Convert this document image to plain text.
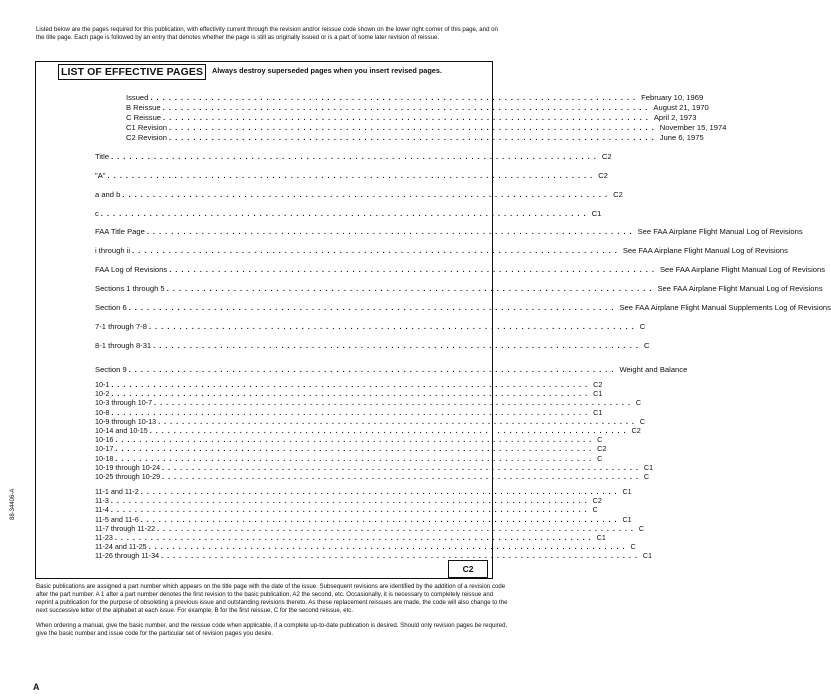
Listed below are the pages required for this publication, with effectivity current through the revision and/or reissue code shown on the lower right corner of this page, and on the title page. Each page is followed by an entry that denotes whether the page is still as originally issued or is a part of some later revision of reissue.

LIST OF EFFECTIVE PAGES	Always destroy superseded pages when you insert revised pages.
Issued ................................................................................ February 10, 1969
B Reissue ................................................................................ August 21, 1970
C Reissue ................................................................................ April 2, 1973
C1 Revision ................................................................................ November 15, 1974
C2 Revision ................................................................................ June 6, 1975
Title ................................................................................ C2
"A" ................................................................................ C2
a and b ................................................................................ C2
c ................................................................................ C1
FAA Title Page ................................................................................ See FAA Airplane Flight Manual Log of Revisions
i through ii ................................................................................ See FAA Airplane Flight Manual Log of Revisions
FAA Log of Revisions ................................................................................ See FAA Airplane Flight Manual Log of Revisions
Sections 1 through 5 ................................................................................ See FAA Airplane Flight Manual Log of Revisions
Section 6 ................................................................................ See FAA Airplane Flight Manual Supplements Log of Revisions
7-1 through 7-8 ................................................................................ C
8-1 through 8-31 ................................................................................ C
Section 9 ................................................................................ Weight and Balance
10-1 ................................................................................ C2
10-2 ................................................................................ C1
10-3 through 10-7 ................................................................................ C
10-8 ................................................................................ C1
10-9 through 10-13 ................................................................................ C
10-14 and 10-15 ................................................................................ C2
10-16 ................................................................................ C
10-17 ................................................................................ C2
10-18 ................................................................................ C
10-19 through 10-24 ................................................................................ C1
10-25 through 10-29 ................................................................................ C
11-1 and 11-2 ................................................................................ C1
11-3 ................................................................................ C2
11-4 ................................................................................ C
11-5 and 11-6 ................................................................................ C1
11-7 through 11-22 ................................................................................ C
11-23 ................................................................................ C1
11-24 and 11-25 ................................................................................ C
11-26 through 11-34 ................................................................................ C1
C2
88-34406-A

Basic publications are assigned a part number which appears on the title page with the date of the issue. Subsequent revisions are identified by the addition of a revision code after the part number. A 1 after a part number denotes the first revision to the basic publication, A2 the second, etc. Occasionally, it is necessary to completely reissue and reprint a publication for the purpose of obsoleting a previous issue and outstanding revisions thereto. As these replacement reissues are made, the code will also change to the next successive letter of the alphabet at each issue. For example, B for the first reissue, C for the second reissue, etc.

When ordering a manual, give the basic number, and the reissue code when applicable, if a complete up-to-date publication is desired. Should only revision pages be required, give the basic number and issue code for the particular set of revision pages you desire.

A
